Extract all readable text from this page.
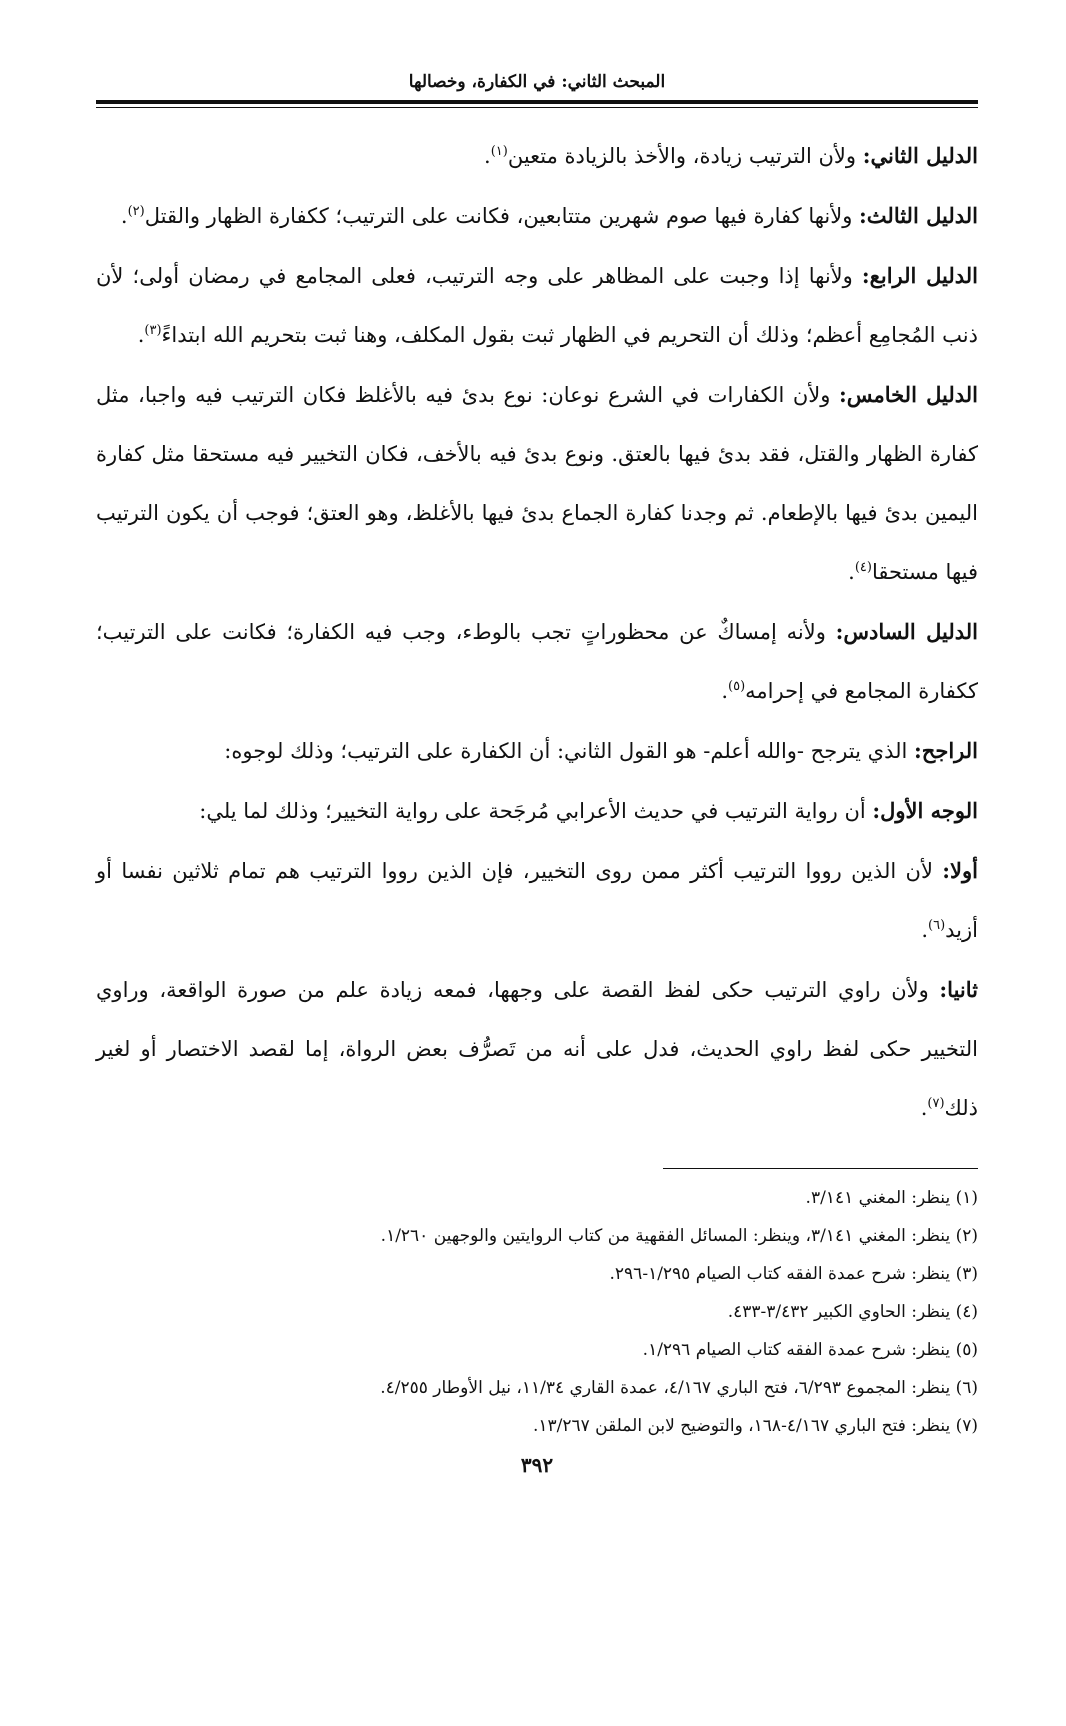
المبحث الثاني: في الكفارة، وخصالها

الدليل الثاني: ولأن الترتيب زيادة، والأخذ بالزيادة متعين$^{(١)}$.

الدليل الثالث: ولأنها كفارة فيها صوم شهرين متتابعين، فكانت على الترتيب؛ ككفارة الظهار والقتل$^{(٢)}$.

الدليل الرابع: ولأنها إذا وجبت على المظاهر على وجه الترتيب، فعلى المجامع في رمضان أولى؛ لأن ذنب المُجامِع أعظم؛ وذلك أن التحريم في الظهار ثبت بقول المكلف، وهنا ثبت بتحريم الله ابتداءً$^{(٣)}$.

الدليل الخامس: ولأن الكفارات في الشرع نوعان: نوع بدئ فيه بالأغلظ فكان الترتيب فيه واجبا، مثل كفارة الظهار والقتل، فقد بدئ فيها بالعتق. ونوع بدئ فيه بالأخف، فكان التخيير فيه مستحقا مثل كفارة اليمين بدئ فيها بالإطعام. ثم وجدنا كفارة الجماع بدئ فيها بالأغلظ، وهو العتق؛ فوجب أن يكون الترتيب فيها مستحقا$^{(٤)}$.

الدليل السادس: ولأنه إمساكٌ عن محظوراتٍ تجب بالوطء، وجب فيه الكفارة؛ فكانت على الترتيب؛ ككفارة المجامع في إحرامه$^{(٥)}$.

الراجح: الذي يترجح -والله أعلم- هو القول الثاني: أن الكفارة على الترتيب؛ وذلك لوجوه:

الوجه الأول: أن رواية الترتيب في حديث الأعرابي مُرجَحة على رواية التخيير؛ وذلك لما يلي:

أولا: لأن الذين رووا الترتيب أكثر ممن روى التخيير، فإن الذين رووا الترتيب هم تمام ثلاثين نفسا أو أزيد$^{(٦)}$.

ثانيا: ولأن راوي الترتيب حكى لفظ القصة على وجهها، فمعه زيادة علم من صورة الواقعة، وراوي التخيير حكى لفظ راوي الحديث، فدل على أنه من تَصرُّف بعض الرواة، إما لقصد الاختصار أو لغير ذلك$^{(٧)}$.

(١) ينظر: المغني ٣/١٤١.

(٢) ينظر: المغني ٣/١٤١، وينظر: المسائل الفقهية من كتاب الروايتين والوجهين ١/٢٦٠.

(٣) ينظر: شرح عمدة الفقه كتاب الصيام ١/٢٩٥-٢٩٦.

(٤) ينظر: الحاوي الكبير ٣/٤٣٢-٤٣٣.

(٥) ينظر: شرح عمدة الفقه كتاب الصيام ١/٢٩٦.

(٦) ينظر: المجموع ٦/٢٩٣، فتح الباري ٤/١٦٧، عمدة القاري ١١/٣٤، نيل الأوطار ٤/٢٥٥.

(٧) ينظر: فتح الباري ٤/١٦٧-١٦٨، والتوضيح لابن الملقن ١٣/٢٦٧.

٣٩٢
